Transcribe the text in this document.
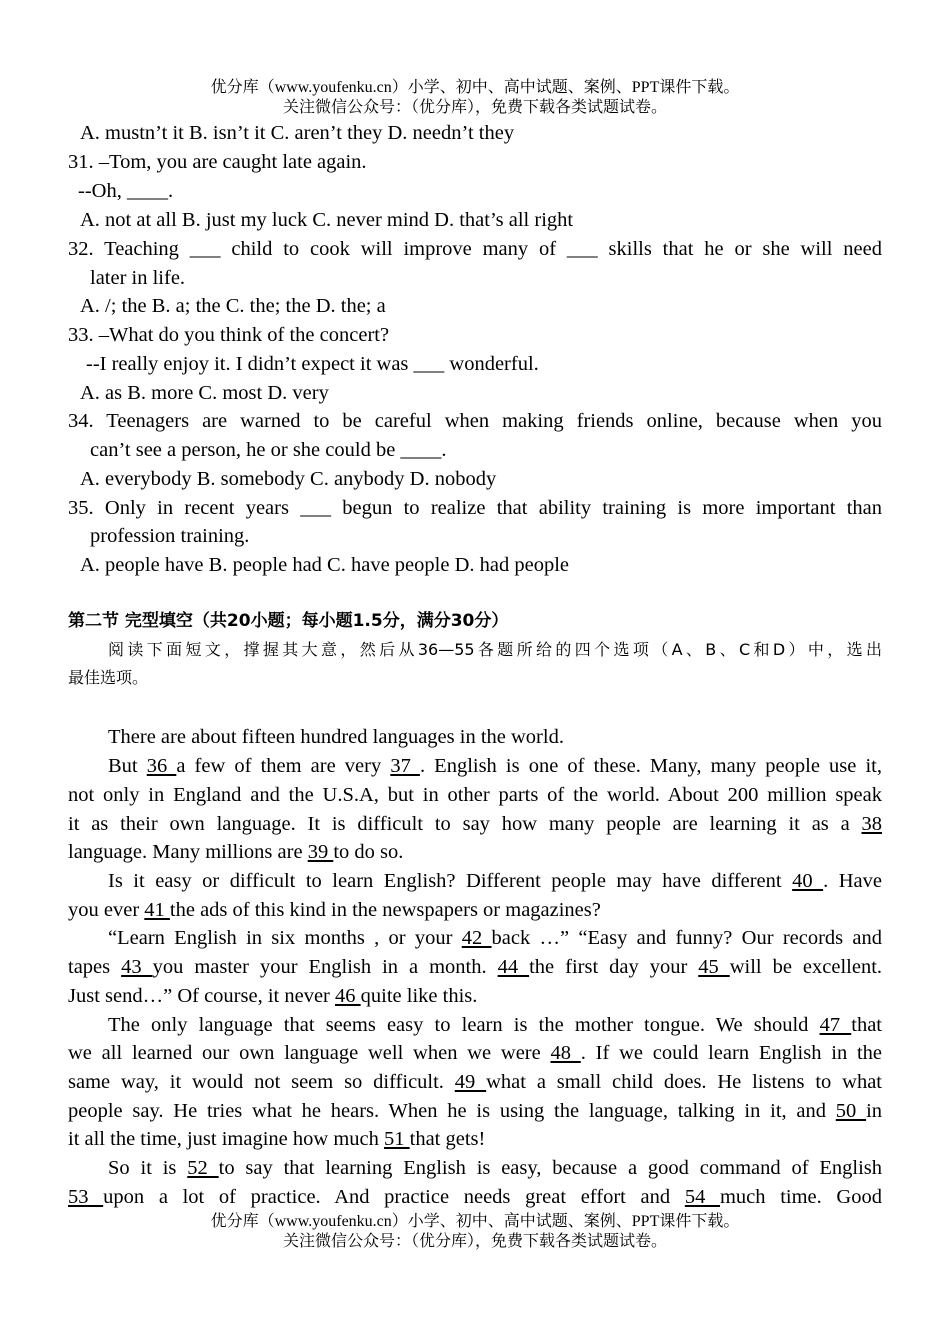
优分库（www.youfenku.cn）小学、初中、高中试题、案例、PPT课件下载。
关注微信公众号：（优分库），免费下载各类试题试卷。
A. mustn’t it B. isn’t it C. aren’t they D. needn’t they
31. –Tom, you are caught late again.
--Oh, ____.
A. not at all B. just my luck C. never mind D. that’s all right
32. Teaching ___ child to cook will improve many of ___ skills that he or she will need
later in life.
A. /; the B. a; the C. the; the D. the; a
33. –What do you think of the concert?
--I really enjoy it. I didn’t expect it was ___ wonderful.
A. as B. more C. most D. very
34. Teenagers are warned to be careful when making friends online, because when you
can’t see a person, he or she could be ____.
A. everybody B. somebody C. anybody D. nobody
35. Only in recent years ___ begun to realize that ability training is more important than
profession training.
A. people have B. people had C. have people D. had people
第二节 完型填空（共20小题；每小题1.5分，满分30分）
阅读下面短文，撑握其大意，然后从36—55各题所给的四个选项（A、B、C和D）中，选出
最佳选项。
There are about fifteen hundred languages in the world.
But 36 a few of them are very 37 . English is one of these. Many, many people use it,
not only in England and the U.S.A, but in other parts of the world. About 200 million speak
it as their own language. It is difficult to say how many people are learning it as a 38
language. Many millions are 39 to do so.
Is it easy or difficult to learn English? Different people may have different 40 . Have
you ever 41 the ads of this kind in the newspapers or magazines?
“Learn English in six months , or your 42 back …” “Easy and funny? Our records and
tapes 43 you master your English in a month. 44 the first day your 45 will be excellent.
Just send…” Of course, it never 46 quite like this.
The only language that seems easy to learn is the mother tongue. We should 47 that
we all learned our own language well when we were 48 . If we could learn English in the
same way, it would not seem so difficult. 49 what a small child does. He listens to what
people say. He tries what he hears. When he is using the language, talking in it, and 50 in
it all the time, just imagine how much 51 that gets!
So it is 52 to say that learning English is easy, because a good command of English
53 upon a lot of practice. And practice needs great effort and 54 much time. Good
优分库（www.youfenku.cn）小学、初中、高中试题、案例、PPT课件下载。
关注微信公众号：（优分库），免费下载各类试题试卷。
